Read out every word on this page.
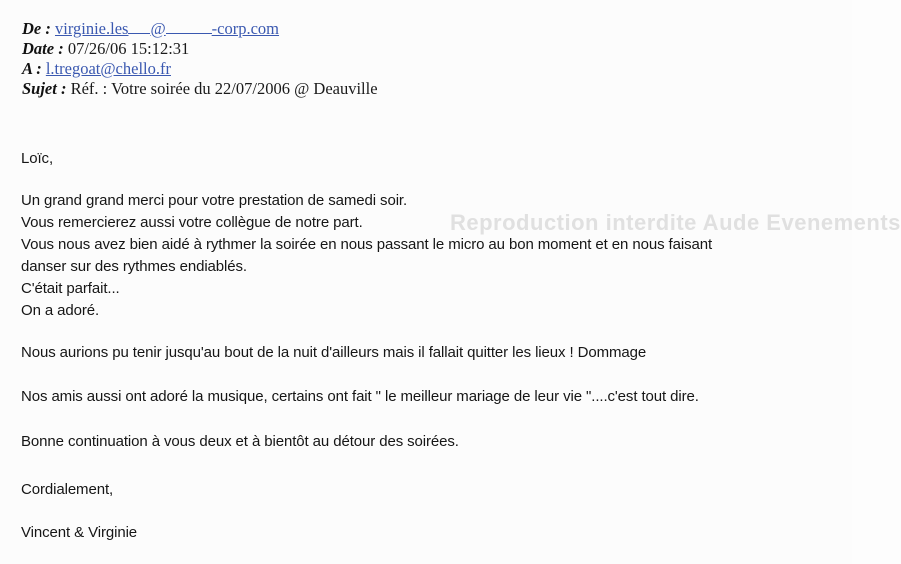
Reproduction interdite Aude Evenements
De : virginie.les @	-corp.com
Date : 07/26/06 15:12:31
A : l.tregoat@chello.fr
Sujet : Réf. : Votre soirée du 22/07/2006 @ Deauville
Loïc,
Un grand grand merci pour votre prestation de samedi soir.
Vous remercierez aussi votre collègue de notre part.
Vous nous avez bien aidé à rythmer la soirée en nous passant le micro au bon moment et en nous faisant
danser sur des rythmes endiablés.
C'était parfait...
On a adoré.
Nous aurions pu tenir jusqu'au bout de la nuit d'ailleurs mais il fallait quitter les lieux ! Dommage
Nos amis aussi ont adoré la musique, certains ont fait " le meilleur mariage de leur vie "....c'est tout dire.
Bonne continuation à vous deux et à bientôt au détour des soirées.
Cordialement,
Vincent & Virginie
